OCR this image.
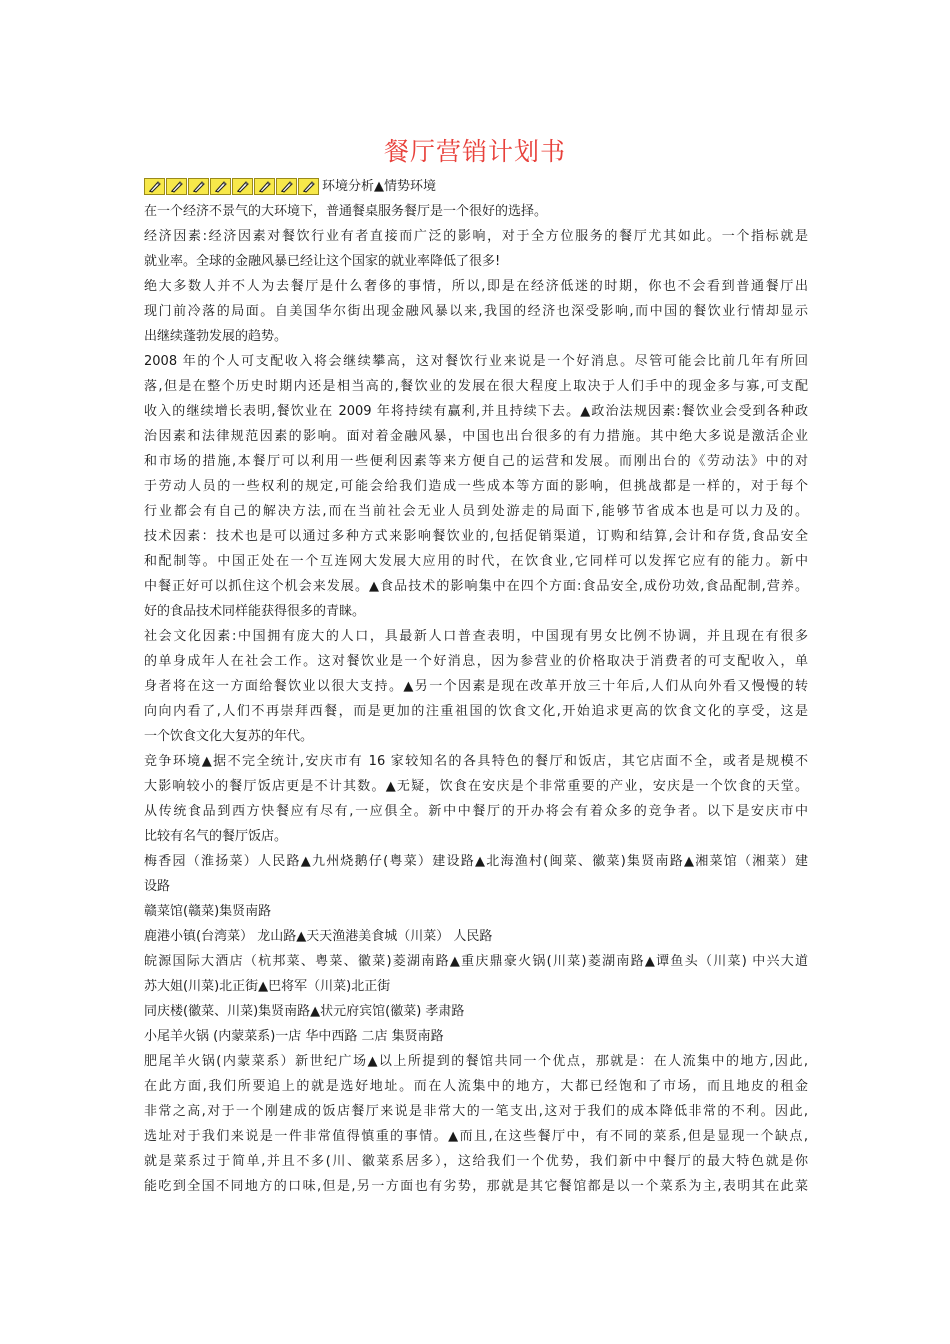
餐厅营销计划书
环境分析▲情势环境
在一个经济不景气的大环境下，普通餐桌服务餐厅是一个很好的选择。
经济因素:经济因素对餐饮行业有者直接而广泛的影响，对于全方位服务的餐厅尤其如此。一个指标就是
就业率。全球的金融风暴已经让这个国家的就业率降低了很多!
绝大多数人并不人为去餐厅是什么奢侈的事情，所以,即是在经济低迷的时期，你也不会看到普通餐厅出
现门前冷落的局面。自美国华尔街出现金融风暴以来,我国的经济也深受影响,而中国的餐饮业行情却显示
出继续蓬勃发展的趋势。
2008 年的个人可支配收入将会继续攀高，这对餐饮行业来说是一个好消息。尽管可能会比前几年有所回
落,但是在整个历史时期内还是相当高的,餐饮业的发展在很大程度上取决于人们手中的现金多与寡,可支配
收入的继续增长表明,餐饮业在 2009 年将持续有赢利,并且持续下去。▲政治法规因素:餐饮业会受到各种政
治因素和法律规范因素的影响。面对着金融风暴，中国也出台很多的有力措施。其中绝大多说是激活企业
和市场的措施,本餐厅可以利用一些便利因素等来方便自己的运营和发展。而刚出台的《劳动法》中的对
于劳动人员的一些权利的规定,可能会给我们造成一些成本等方面的影响，但挑战都是一样的，对于每个
行业都会有自己的解决方法,而在当前社会无业人员到处游走的局面下,能够节省成本也是可以力及的。
技术因素：技术也是可以通过多种方式来影响餐饮业的,包括促销渠道，订购和结算,会计和存货,食品安全
和配制等。中国正处在一个互连网大发展大应用的时代，在饮食业,它同样可以发挥它应有的能力。新中
中餐正好可以抓住这个机会来发展。▲食品技术的影响集中在四个方面:食品安全,成份功效,食品配制,营养。
好的食品技术同样能获得很多的青睐。
社会文化因素:中国拥有庞大的人口，具最新人口普查表明，中国现有男女比例不协调，并且现在有很多
的单身成年人在社会工作。这对餐饮业是一个好消息，因为参营业的价格取决于消费者的可支配收入，单
身者将在这一方面给餐饮业以很大支持。▲另一个因素是现在改革开放三十年后,人们从向外看又慢慢的转
向向内看了,人们不再崇拜西餐，而是更加的注重祖国的饮食文化,开始追求更高的饮食文化的享受，这是
一个饮食文化大复苏的年代。
竞争环境▲据不完全统计,安庆市有 16 家较知名的各具特色的餐厅和饭店，其它店面不全，或者是规模不
大影响较小的餐厅饭店更是不计其数。▲无疑，饮食在安庆是个非常重要的产业，安庆是一个饮食的天堂。
从传统食品到西方快餐应有尽有,一应俱全。新中中餐厅的开办将会有着众多的竞争者。以下是安庆市中
比较有名气的餐厅饭店。
梅香园（淮扬菜）人民路▲九州烧鹅仔(粤菜）建设路▲北海渔村(闽菜、徽菜)集贤南路▲湘菜馆（湘菜）建
设路
赣菜馆(赣菜)集贤南路
鹿港小镇(台湾菜） 龙山路▲天天渔港美食城（川菜） 人民路
皖源国际大酒店（杭邦菜、粤菜、徽菜)菱湖南路▲重庆鼎豪火锅(川菜)菱湖南路▲谭鱼头（川菜) 中兴大道
苏大姐(川菜)北正街▲巴将军（川菜)北正街
同庆楼(徽菜、川菜)集贤南路▲状元府宾馆(徽菜) 孝肃路
小尾羊火锅 (内蒙菜系)一店 华中西路 二店 集贤南路
肥尾羊火锅(内蒙菜系）新世纪广场▲以上所提到的餐馆共同一个优点，那就是：在人流集中的地方,因此,
在此方面,我们所要追上的就是选好地址。而在人流集中的地方，大都已经饱和了市场，而且地皮的租金
非常之高,对于一个刚建成的饭店餐厅来说是非常大的一笔支出,这对于我们的成本降低非常的不利。因此,
选址对于我们来说是一件非常值得慎重的事情。▲而且,在这些餐厅中，有不同的菜系,但是显现一个缺点,
就是菜系过于简单,并且不多(川、徽菜系居多），这给我们一个优势，我们新中中餐厅的最大特色就是你
能吃到全国不同地方的口味,但是,另一方面也有劣势，那就是其它餐馆都是以一个菜系为主,表明其在此菜
